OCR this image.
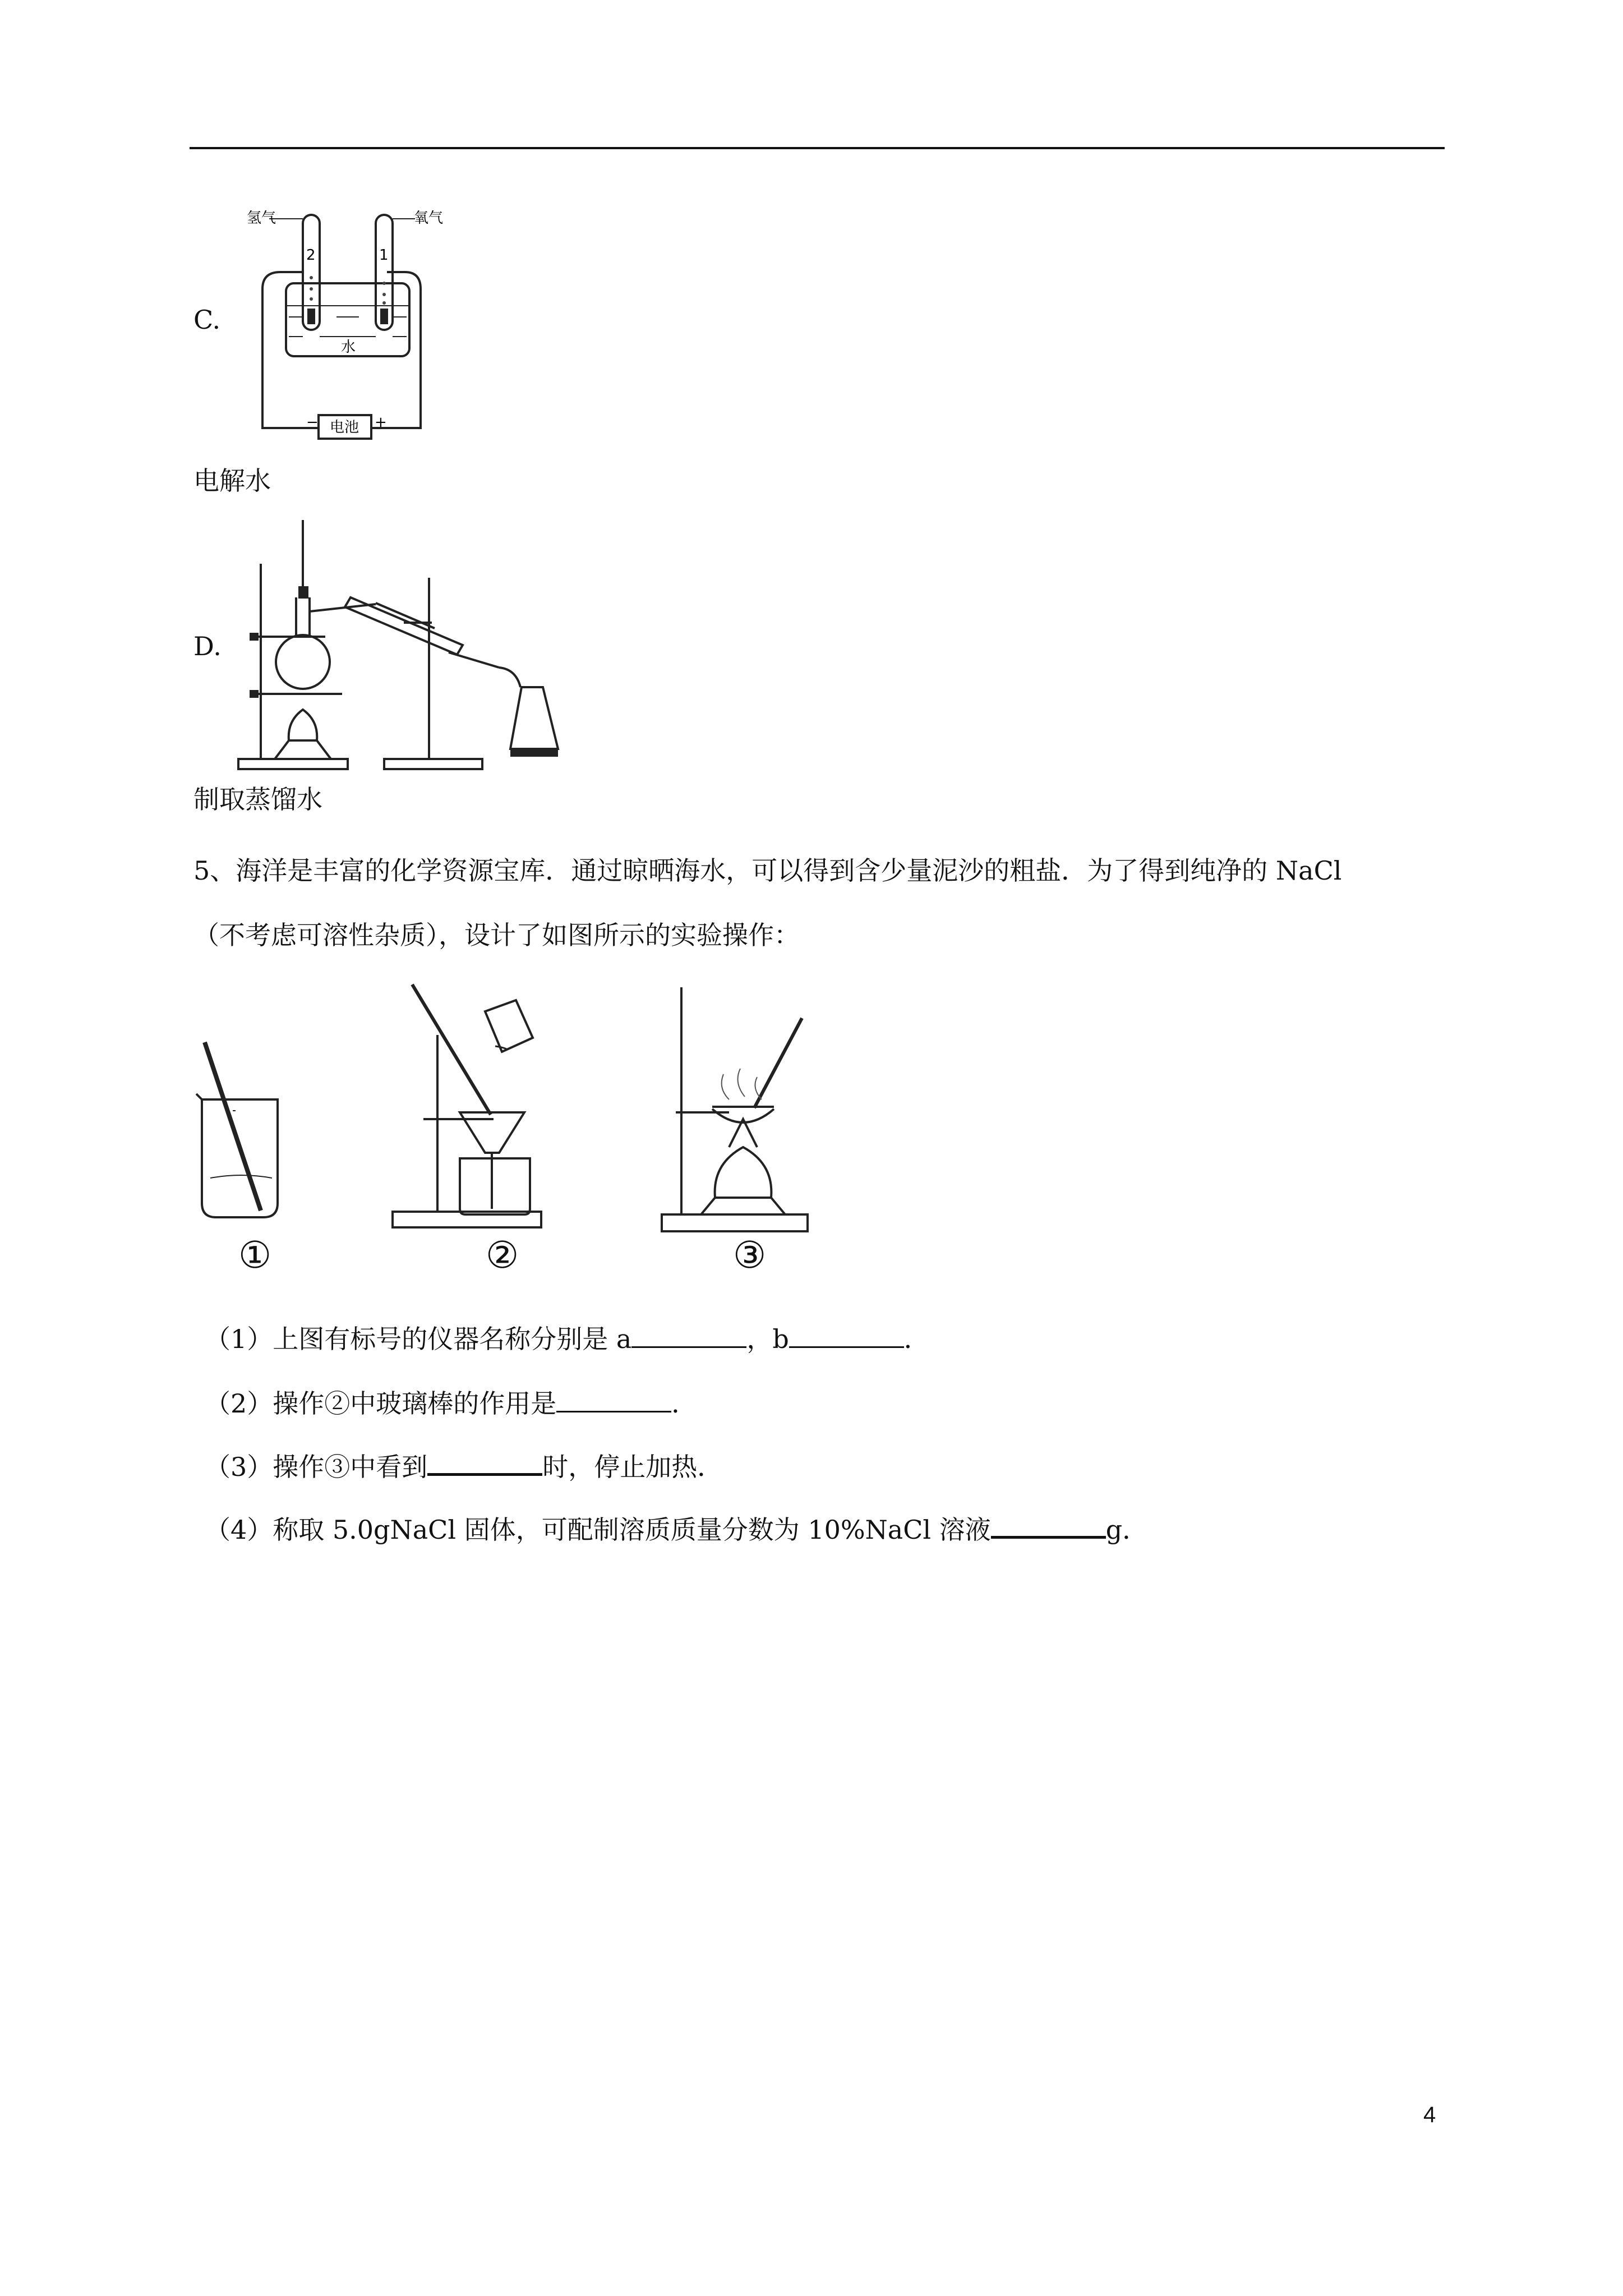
C.
氢气	氧气
2	1
水
电池
−	+
电解水
D.
制取蒸馏水
5、海洋是丰富的化学资源宝库．通过晾晒海水，可以得到含少量泥沙的粗盐．为了得到纯净的 NaCl
（不考虑可溶性杂质），设计了如图所示的实验操作：
①	②	③
（1）上图有标号的仪器名称分别是 a	，b	．
（2）操作②中玻璃棒的作用是	．
（3）操作③中看到	时，停止加热．
（4）称取 5.0gNaCl 固体，可配制溶质质量分数为 10%NaCl 溶液	g．
4
